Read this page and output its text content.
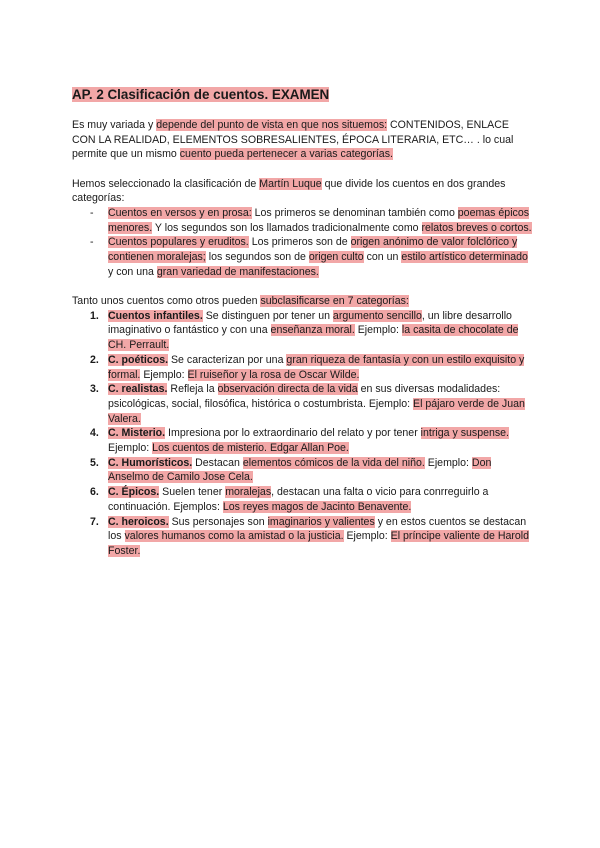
AP. 2 Clasificación de cuentos. EXAMEN

Es muy variada y depende del punto de vista en que nos situemos: CONTENIDOS, ENLACE CON LA REALIDAD, ELEMENTOS SOBRESALIENTES, ÉPOCA LITERARIA, ETC… . lo cual permite que un mismo cuento pueda pertenecer a varias categorías.

Hemos seleccionado la clasificación de Martín Luque que divide los cuentos en dos grandes categorías:

- Cuentos en versos y en prosa: Los primeros se denominan también como poemas épicos menores. Y los segundos son los llamados tradicionalmente como relatos breves o cortos.
- Cuentos populares y eruditos. Los primeros son de origen anónimo de valor folclórico y contienen moralejas; los segundos son de origen culto con un estilo artístico determinado y con una gran variedad de manifestaciones.

Tanto unos cuentos como otros pueden subclasificarse en 7 categorías:

1. Cuentos infantiles. Se distinguen por tener un argumento sencillo, un libre desarrollo imaginativo o fantástico y con una enseñanza moral. Ejemplo: la casita de chocolate de CH. Perrault.
2. C. poéticos. Se caracterizan por una gran riqueza de fantasía y con un estilo exquisito y formal. Ejemplo: El ruiseñor y la rosa de Oscar Wilde.
3. C. realistas. Refleja la observación directa de la vida en sus diversas modalidades: psicológicas, social, filosófica, histórica o costumbrista. Ejemplo: El pájaro verde de Juan Valera.
4. C. Misterio. Impresiona por lo extraordinario del relato y por tener intriga y suspense. Ejemplo: Los cuentos de misterio. Edgar Allan Poe.
5. C. Humorísticos. Destacan elementos cómicos de la vida del niño. Ejemplo: Don Anselmo de Camilo Jose Cela.
6. C. Épicos. Suelen tener moralejas, destacan una falta o vicio para conrreguirlo a continuación. Ejemplos: Los reyes magos de Jacinto Benavente.
7. C. heroicos. Sus personajes son imaginarios y valientes y en estos cuentos se destacan los valores humanos como la amistad o la justicia. Ejemplo: El príncipe valiente de Harold Foster.
